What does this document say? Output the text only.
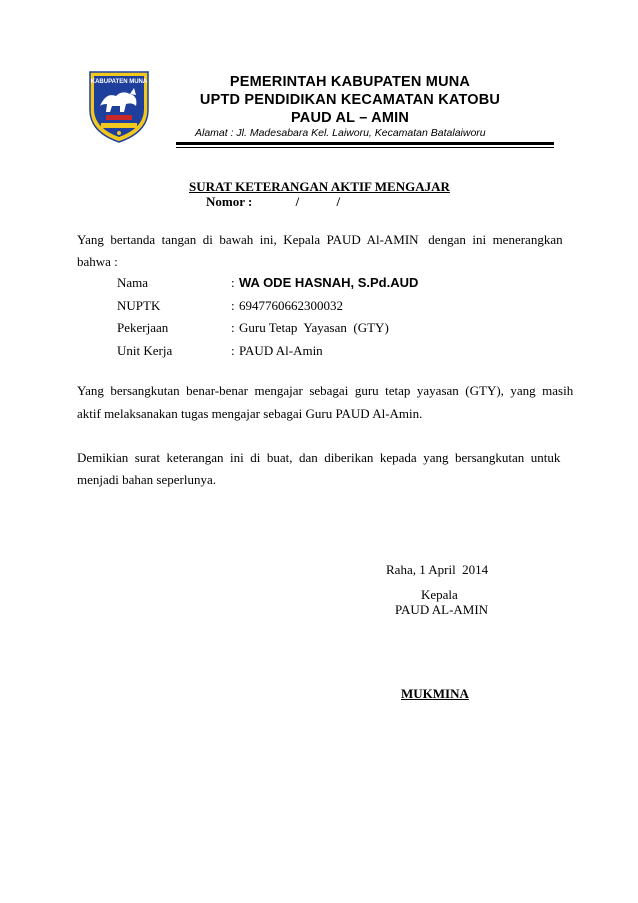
KABUPATEN MUNA	PEMERINTAH KABUPATEN MUNA
UPTD PENDIDIKAN KECAMATAN KATOBU
PAUD AL – AMIN
Alamat : Jl. Madesabara Kel. Laiworu, Kecamatan Batalaiworu
SURAT KETERANGAN AKTIF MENGAJAR
Nomor :	/	/
Yang  bertanda  tangan  di  bawah  ini,  Kepala  PAUD  Al-AMIN   dengan  ini  menerangkan
bahwa :
Nama	: WA ODE HASNAH, S.Pd.AUD
NUPTK	: 6947760662300032
Pekerjaan	: Guru Tetap  Yayasan  (GTY)
Unit Kerja	: PAUD Al-Amin
Yang  bersangkutan  benar-benar  mengajar  sebagai  guru  tetap  yayasan  (GTY),  yang  masih
aktif melaksanakan tugas mengajar sebagai Guru PAUD Al-Amin.
Demikian  surat  keterangan  ini  di  buat,  dan  diberikan  kepada  yang  bersangkutan  untuk
menjadi bahan seperlunya.
Raha, 1 April  2014
Kepala
PAUD AL-AMIN
MUKMINA
